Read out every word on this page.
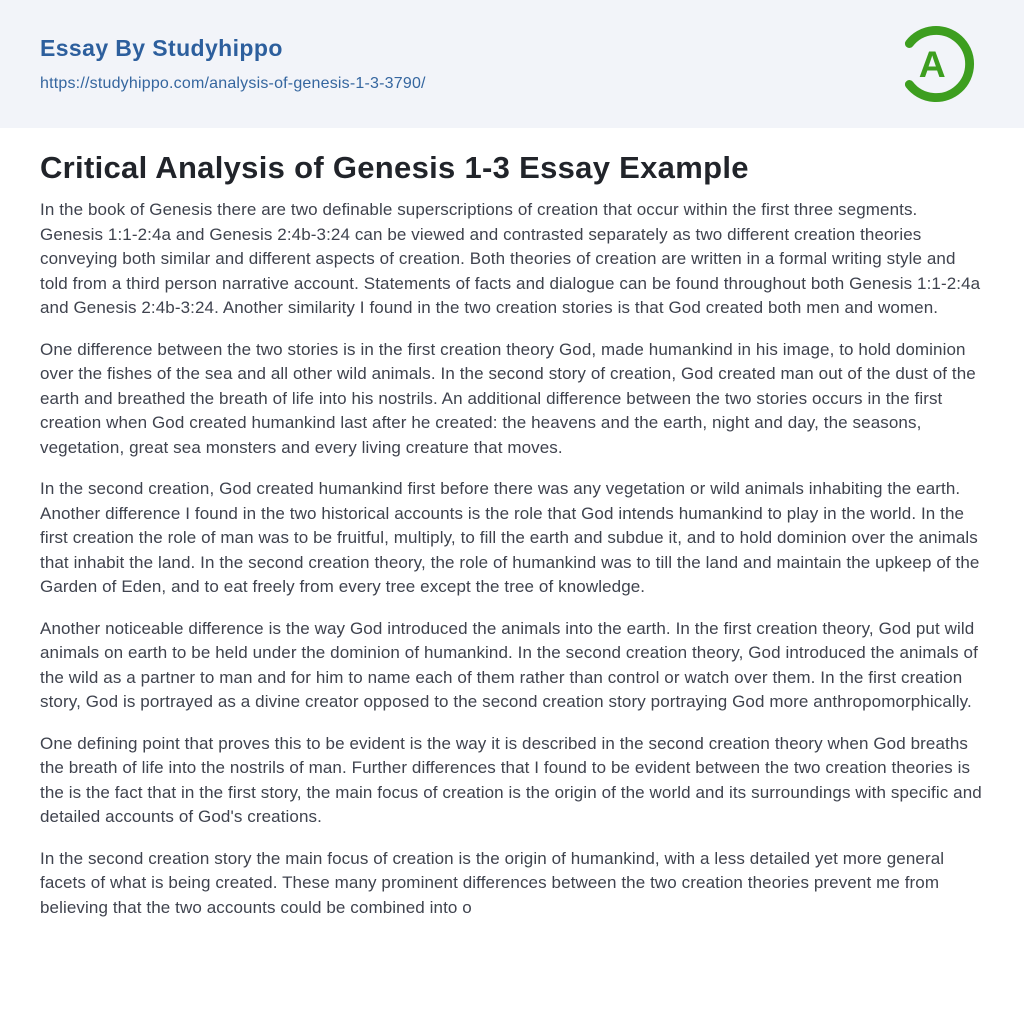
Essay By Studyhippo
https://studyhippo.com/analysis-of-genesis-1-3-3790/	A
Critical Analysis of Genesis 1-3 Essay Example

In the book of Genesis there are two definable superscriptions of creation that occur within the first three segments. Genesis 1:1-2:4a and Genesis 2:4b-3:24 can be viewed and contrasted separately as two different creation theories conveying both similar and different aspects of creation. Both theories of creation are written in a formal writing style and told from a third person narrative account. Statements of facts and dialogue can be found throughout both Genesis 1:1-2:4a and Genesis 2:4b-3:24. Another similarity I found in the two creation stories is that God created both men and women.

One difference between the two stories is in the first creation theory God, made humankind in his image, to hold dominion over the fishes of the sea and all other wild animals. In the second story of creation, God created man out of the dust of the earth and breathed the breath of life into his nostrils. An additional difference between the two stories occurs in the first creation when God created humankind last after he created: the heavens and the earth, night and day, the seasons, vegetation, great sea monsters and every living creature that moves.

In the second creation, God created humankind first before there was any vegetation or wild animals inhabiting the earth. Another difference I found in the two historical accounts is the role that God intends humankind to play in the world. In the first creation the role of man was to be fruitful, multiply, to fill the earth and subdue it, and to hold dominion over the animals that inhabit the land. In the second creation theory, the role of humankind was to till the land and maintain the upkeep of the Garden of Eden, and to eat freely from every tree except the tree of knowledge.

Another noticeable difference is the way God introduced the animals into the earth. In the first creation theory, God put wild animals on earth to be held under the dominion of humankind. In the second creation theory, God introduced the animals of the wild as a partner to man and for him to name each of them rather than control or watch over them. In the first creation story, God is portrayed as a divine creator opposed to the second creation story portraying God more anthropomorphically.

One defining point that proves this to be evident is the way it is described in the second creation theory when God breaths the breath of life into the nostrils of man. Further differences that I found to be evident between the two creation theories is the is the fact that in the first story, the main focus of creation is the origin of the world and its surroundings with specific and detailed accounts of God's creations.

In the second creation story the main focus of creation is the origin of humankind, with a less detailed yet more general facets of what is being created. These many prominent differences between the two creation theories prevent me from believing that the two accounts could be combined into o
